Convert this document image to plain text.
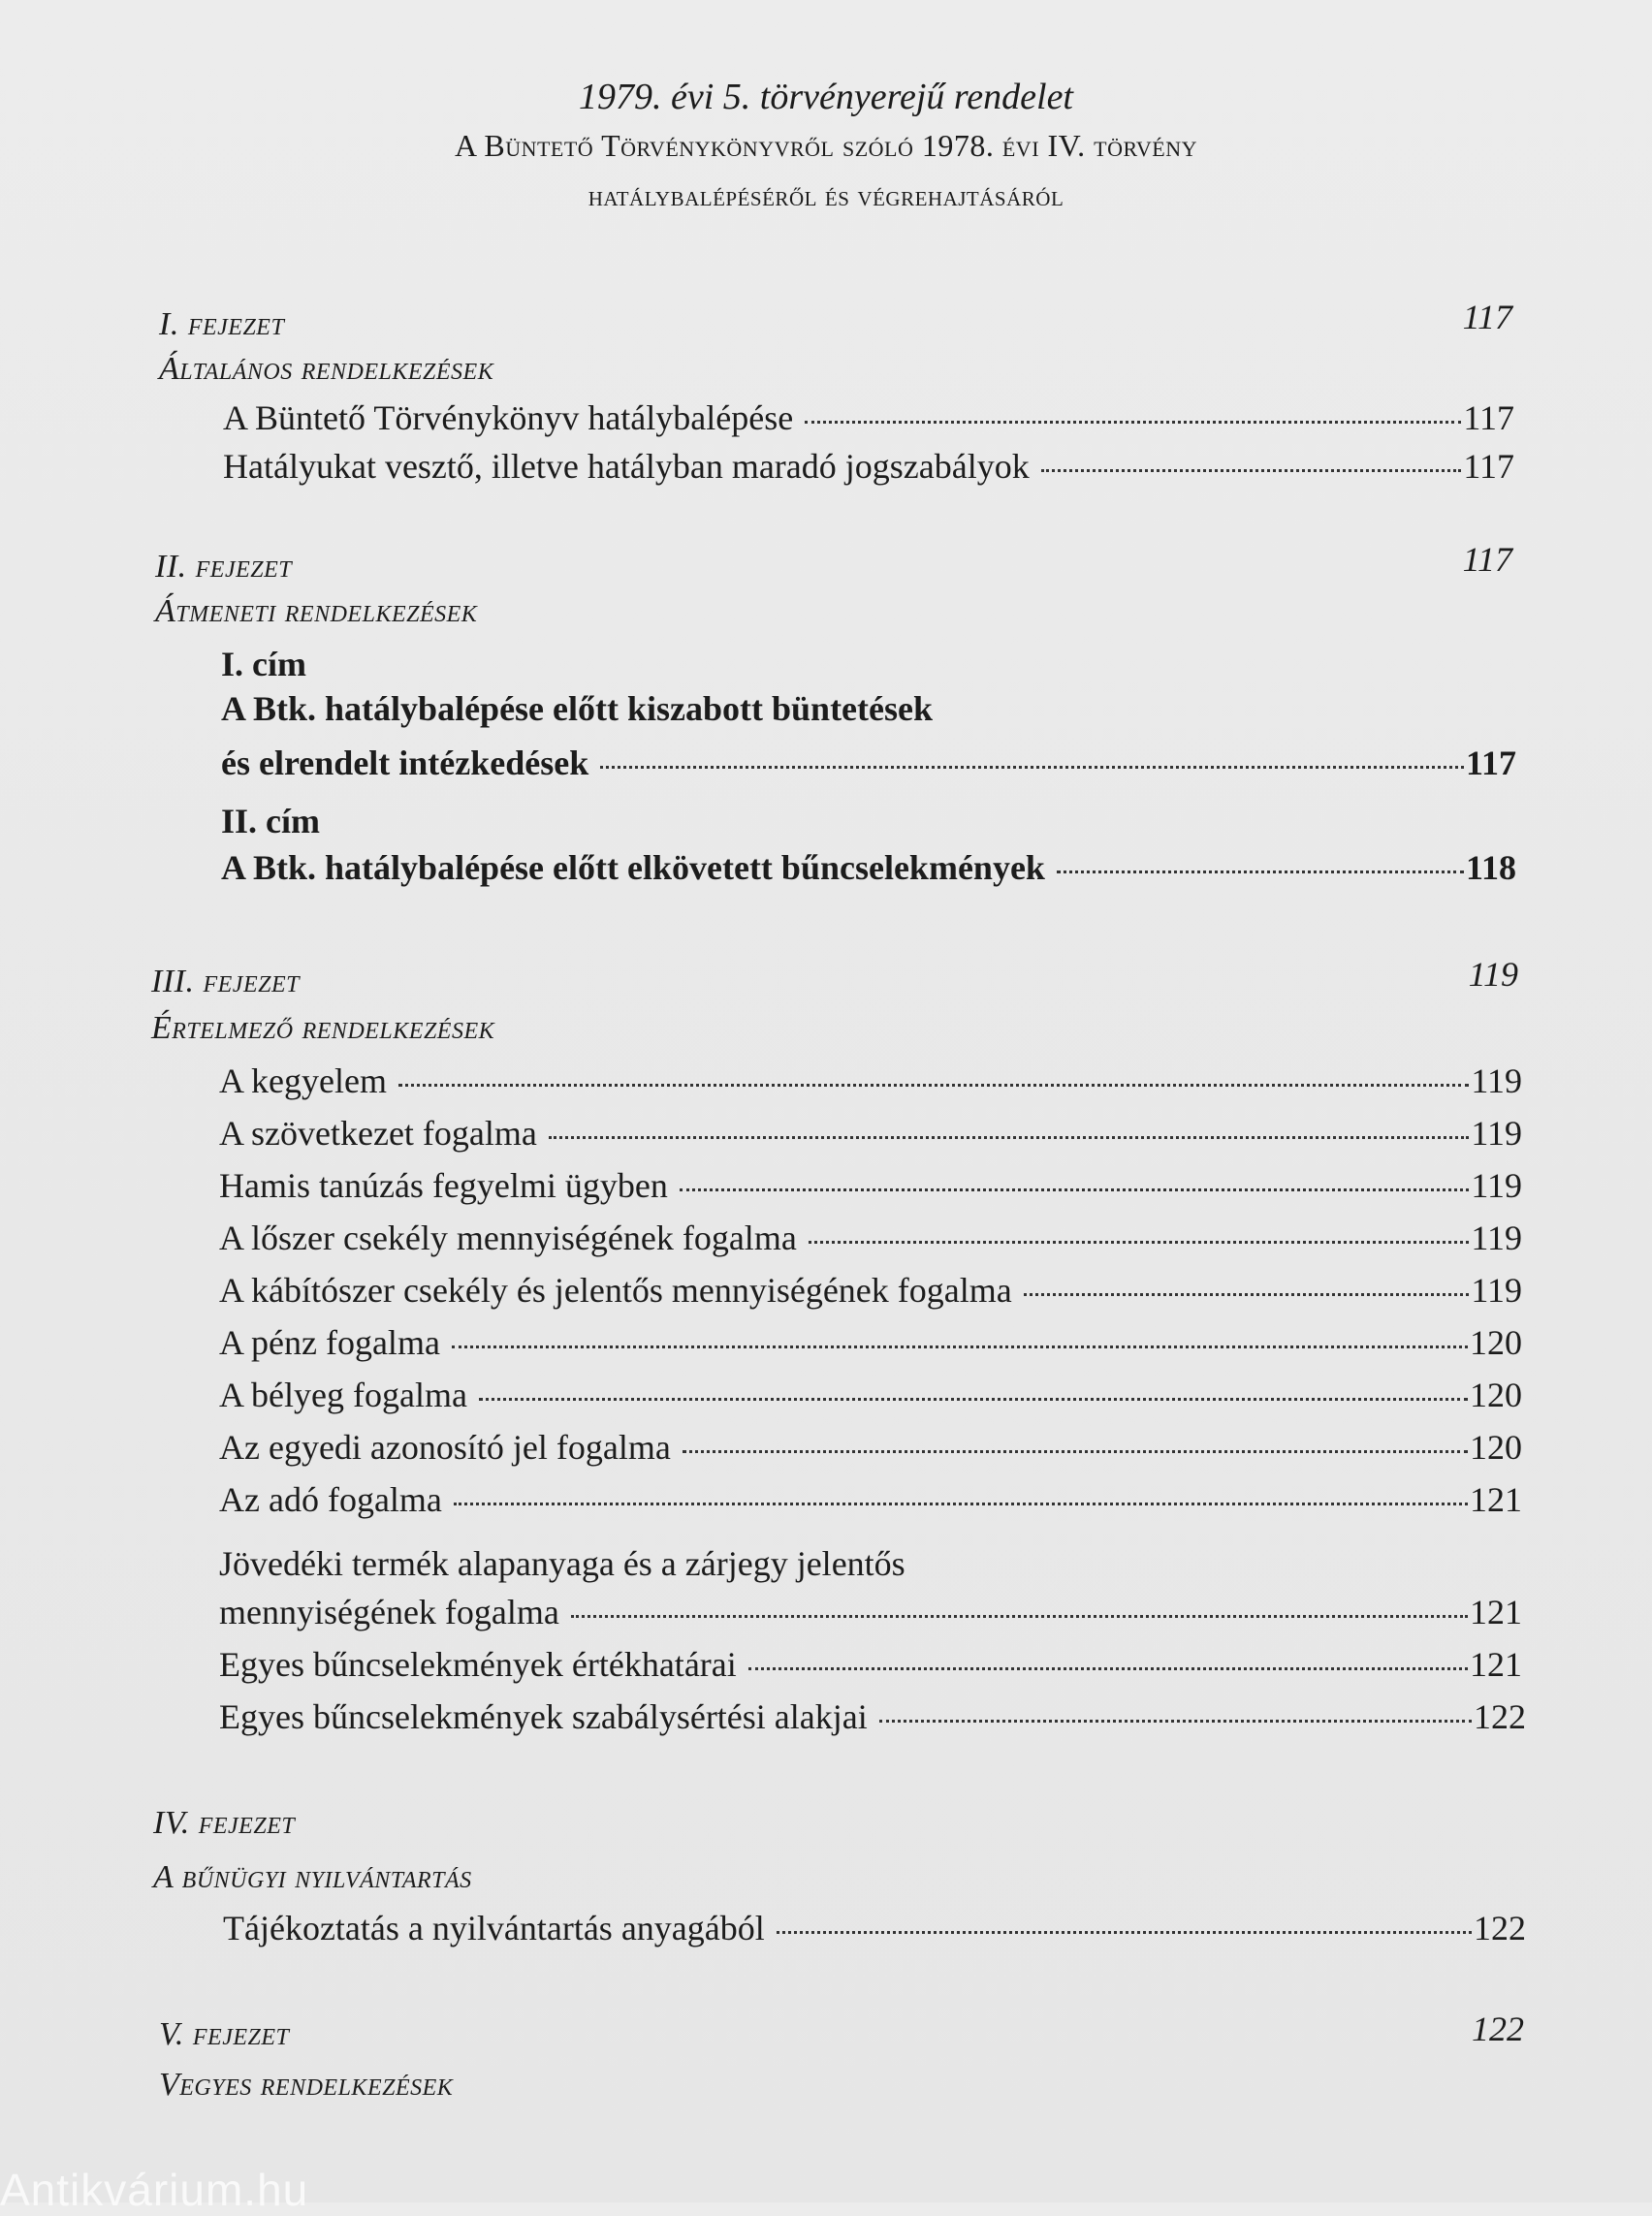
1979. évi 5. törvényerejű rendelet
A Büntető Törvénykönyvről szóló 1978. évi IV. törvény
hatálybalépéséről és végrehajtásáról
I. fejezet	117
Általános rendelkezések
A Büntető Törvénykönyv hatálybalépése	117
Hatályukat vesztő, illetve hatályban maradó jogszabályok	117
II. fejezet	117
Átmeneti rendelkezések
I. cím
A Btk. hatálybalépése előtt kiszabott büntetések
és elrendelt intézkedések	117
II. cím
A Btk. hatálybalépése előtt elkövetett bűncselekmények	118
III. fejezet	119
Értelmező rendelkezések
A kegyelem	119
A szövetkezet fogalma	119
Hamis tanúzás fegyelmi ügyben	119
A lőszer csekély mennyiségének fogalma	119
A kábítószer csekély és jelentős mennyiségének fogalma	119
A pénz fogalma	120
A bélyeg fogalma	120
Az egyedi azonosító jel fogalma	120
Az adó fogalma	121
Jövedéki termék alapanyaga és a zárjegy jelentős
mennyiségének fogalma	121
Egyes bűncselekmények értékhatárai	121
Egyes bűncselekmények szabálysértési alakjai	122
IV. fejezet
A bűnügyi nyilvántartás
Tájékoztatás a nyilvántartás anyagából	122
V. fejezet	122
Vegyes rendelkezések
Antikvárium.hu
